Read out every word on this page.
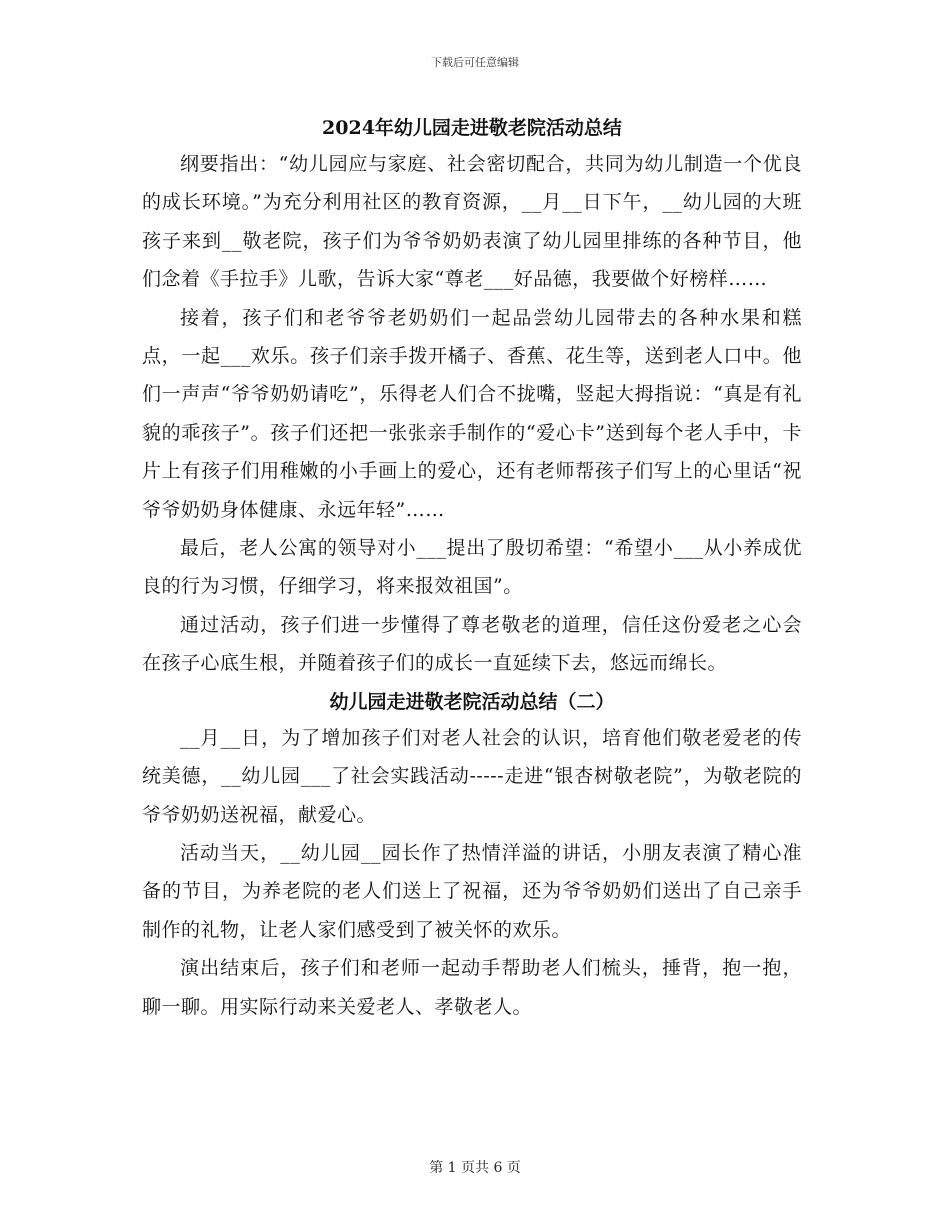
下载后可任意编辑
2024年幼儿园走进敬老院活动总结

纲要指出：“幼儿园应与家庭、社会密切配合，共同为幼儿制造一个优良的成长环境。”为充分利用社区的教育资源，__月__日下午，__幼儿园的大班孩子来到__敬老院，孩子们为爷爷奶奶表演了幼儿园里排练的各种节目，他们念着《手拉手》儿歌，告诉大家“尊老___好品德，我要做个好榜样……

接着，孩子们和老爷爷老奶奶们一起品尝幼儿园带去的各种水果和糕点，一起___欢乐。孩子们亲手拨开橘子、香蕉、花生等，送到老人口中。他们一声声“爷爷奶奶请吃”，乐得老人们合不拢嘴，竖起大拇指说：“真是有礼貌的乖孩子”。孩子们还把一张张亲手制作的“爱心卡”送到每个老人手中，卡片上有孩子们用稚嫩的小手画上的爱心，还有老师帮孩子们写上的心里话“祝爷爷奶奶身体健康、永远年轻”……

最后，老人公寓的领导对小___提出了殷切希望：“希望小___从小养成优良的行为习惯，仔细学习，将来报效祖国”。

通过活动，孩子们进一步懂得了尊老敬老的道理，信任这份爱老之心会在孩子心底生根，并随着孩子们的成长一直延续下去，悠远而绵长。

幼儿园走进敬老院活动总结（二）

__月__日，为了增加孩子们对老人社会的认识，培育他们敬老爱老的传统美德，__幼儿园___了社会实践活动-----走进“银杏树敬老院”，为敬老院的爷爷奶奶送祝福，献爱心。

活动当天，__幼儿园__园长作了热情洋溢的讲话，小朋友表演了精心准备的节目，为养老院的老人们送上了祝福，还为爷爷奶奶们送出了自己亲手制作的礼物，让老人家们感受到了被关怀的欢乐。

演出结束后，孩子们和老师一起动手帮助老人们梳头，捶背，抱一抱，聊一聊。用实际行动来关爱老人、孝敬老人。

第 1 页共 6 页
